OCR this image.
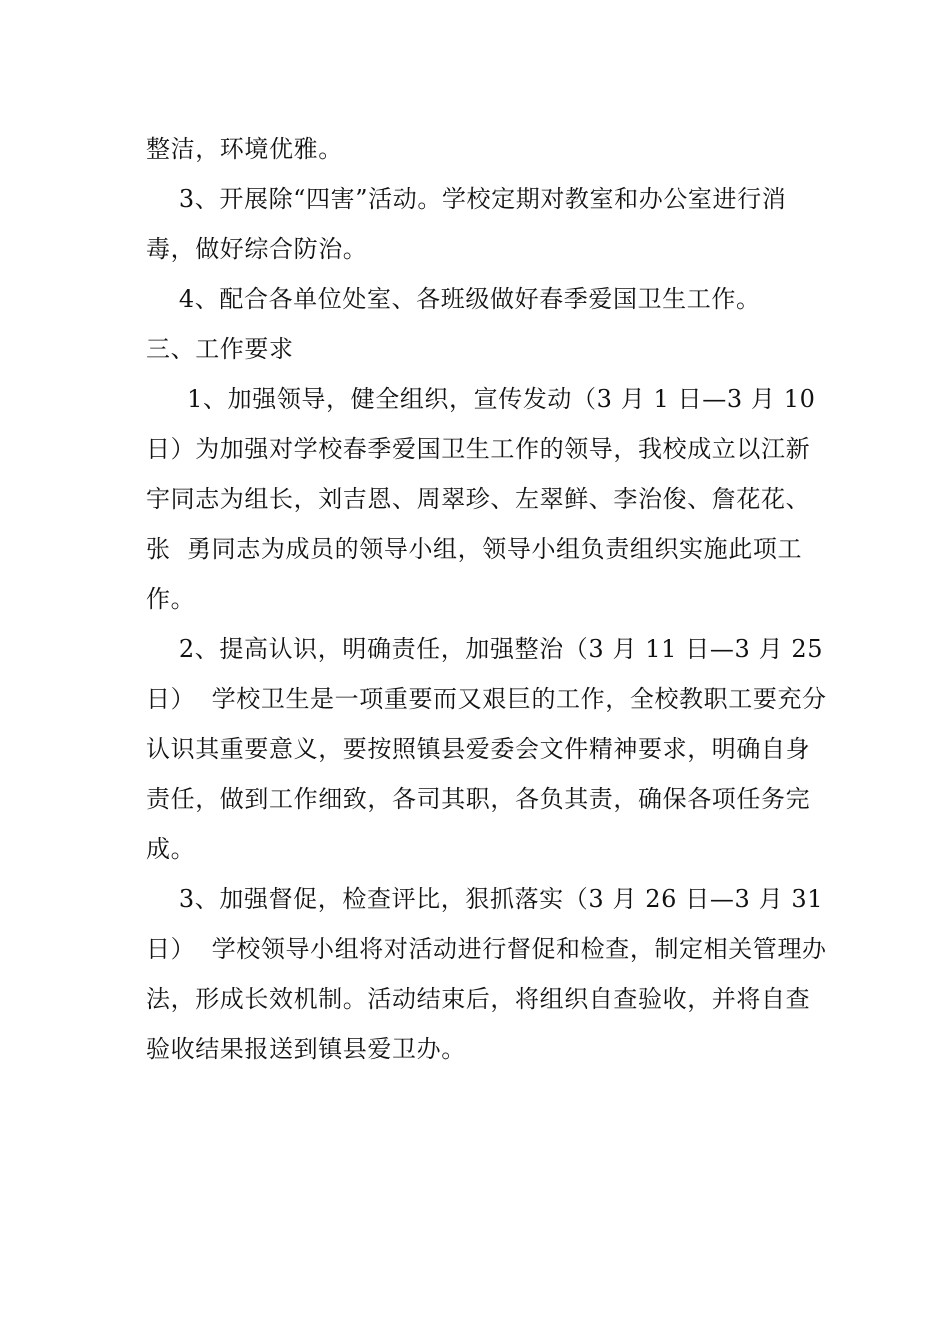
整洁，环境优雅。
3、开展除“四害”活动。学校定期对教室和办公室进行消
毒，做好综合防治。
4、配合各单位处室、各班级做好春季爱国卫生工作。
三、工作要求
1、加强领导，健全组织，宣传发动（3 月 1 日—3 月 10
日）为加强对学校春季爱国卫生工作的领导，我校成立以江新
宇同志为组长，刘吉恩、周翠珍、左翠鲜、李治俊、詹花花、
张  勇同志为成员的领导小组，领导小组负责组织实施此项工
作。
2、提高认识，明确责任，加强整治（3 月 11 日—3 月 25
日）  学校卫生是一项重要而又艰巨的工作，全校教职工要充分
认识其重要意义，要按照镇县爱委会文件精神要求，明确自身
责任，做到工作细致，各司其职，各负其责，确保各项任务完
成。
3、加强督促，检查评比，狠抓落实（3 月 26 日—3 月 31
日）  学校领导小组将对活动进行督促和检查，制定相关管理办
法，形成长效机制。活动结束后，将组织自查验收，并将自查
验收结果报送到镇县爱卫办。
